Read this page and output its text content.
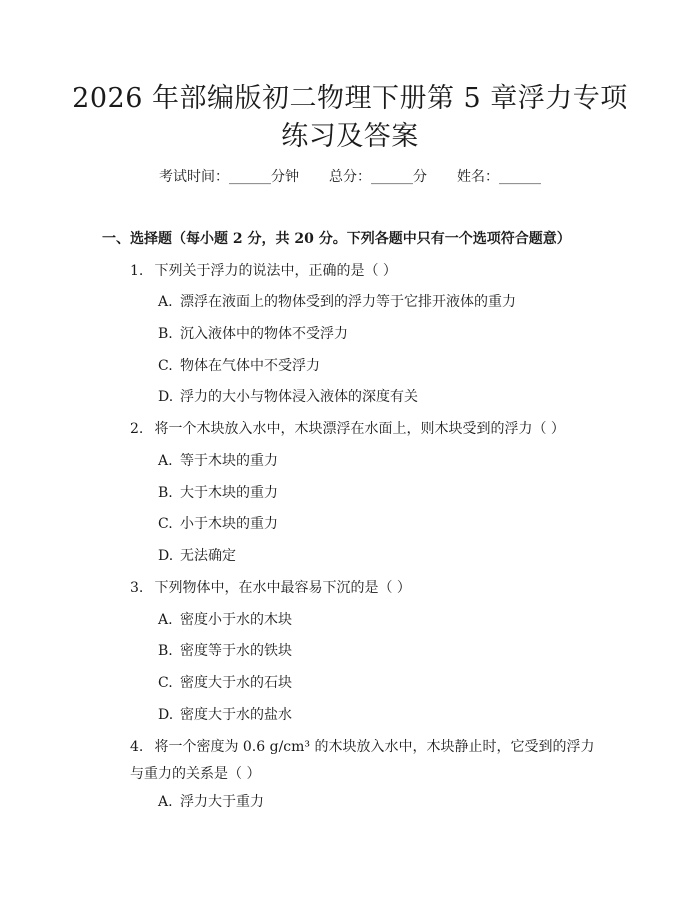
2026 年部编版初二物理下册第 5 章浮力专项
练习及答案
考试时间：______分钟 总分：______分 姓名：______
一、选择题（每小题 2 分，共 20 分。下列各题中只有一个选项符合题意）
1. 下列关于浮力的说法中，正确的是（ ）
A. 漂浮在液面上的物体受到的浮力等于它排开液体的重力
B. 沉入液体中的物体不受浮力
C. 物体在气体中不受浮力
D. 浮力的大小与物体浸入液体的深度有关
2. 将一个木块放入水中，木块漂浮在水面上，则木块受到的浮力（ ）
A. 等于木块的重力
B. 大于木块的重力
C. 小于木块的重力
D. 无法确定
3. 下列物体中，在水中最容易下沉的是（ ）
A. 密度小于水的木块
B. 密度等于水的铁块
C. 密度大于水的石块
D. 密度大于水的盐水
4. 将一个密度为 0.6 g/cm³ 的木块放入水中，木块静止时，它受到的浮力与重力的关系是（ ）
A. 浮力大于重力
